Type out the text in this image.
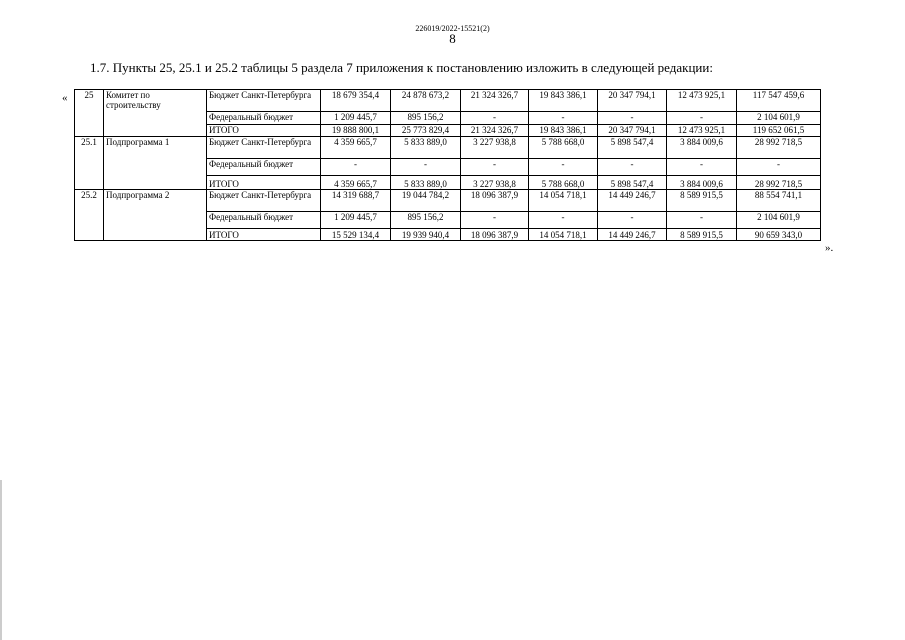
226019/2022-15521(2)
8
1.7. Пункты 25, 25.1 и 25.2 таблицы 5 раздела 7 приложения к постановлению изложить в следующей редакции:
«
».
25	Комитет по строительству	Бюджет Санкт-Петербурга	18 679 354,4	24 878 673,2	21 324 326,7	19 843 386,1	20 347 794,1	12 473 925,1	117 547 459,6
		Федеральный бюджет	1 209 445,7	895 156,2	-	-	-	-	2 104 601,9
		ИТОГО	19 888 800,1	25 773 829,4	21 324 326,7	19 843 386,1	20 347 794,1	12 473 925,1	119 652 061,5
25.1	Подпрограмма 1	Бюджет Санкт-Петербурга	4 359 665,7	5 833 889,0	3 227 938,8	5 788 668,0	5 898 547,4	3 884 009,6	28 992 718,5
		Федеральный бюджет	-	-	-	-	-	-	-
		ИТОГО	4 359 665,7	5 833 889,0	3 227 938,8	5 788 668,0	5 898 547,4	3 884 009,6	28 992 718,5
25.2	Подпрограмма 2	Бюджет Санкт-Петербурга	14 319 688,7	19 044 784,2	18 096 387,9	14 054 718,1	14 449 246,7	8 589 915,5	88 554 741,1
		Федеральный бюджет	1 209 445,7	895 156,2	-	-	-	-	2 104 601,9
		ИТОГО	15 529 134,4	19 939 940,4	18 096 387,9	14 054 718,1	14 449 246,7	8 589 915,5	90 659 343,0
